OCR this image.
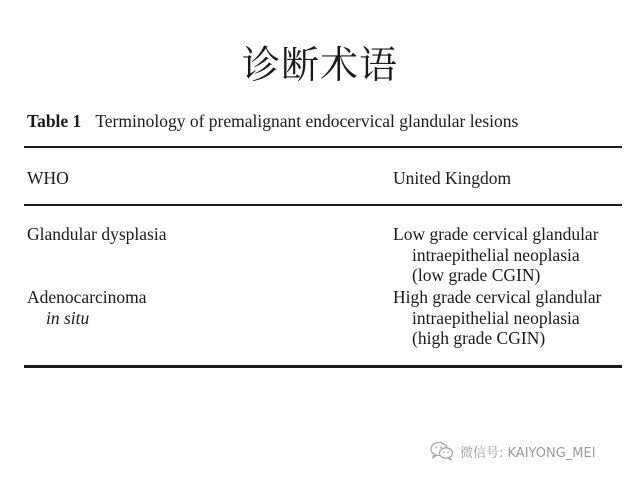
诊断术语
Table 1 Terminology of premalignant endocervical glandular lesions
WHO	United Kingdom
Glandular dysplasia	Low grade cervical glandular
intraepithelial neoplasia
(low grade CGIN)
Adenocarcinoma
in situ
High grade cervical glandular
intraepithelial neoplasia
(high grade CGIN)
微信号: KAIYONG_MEI
